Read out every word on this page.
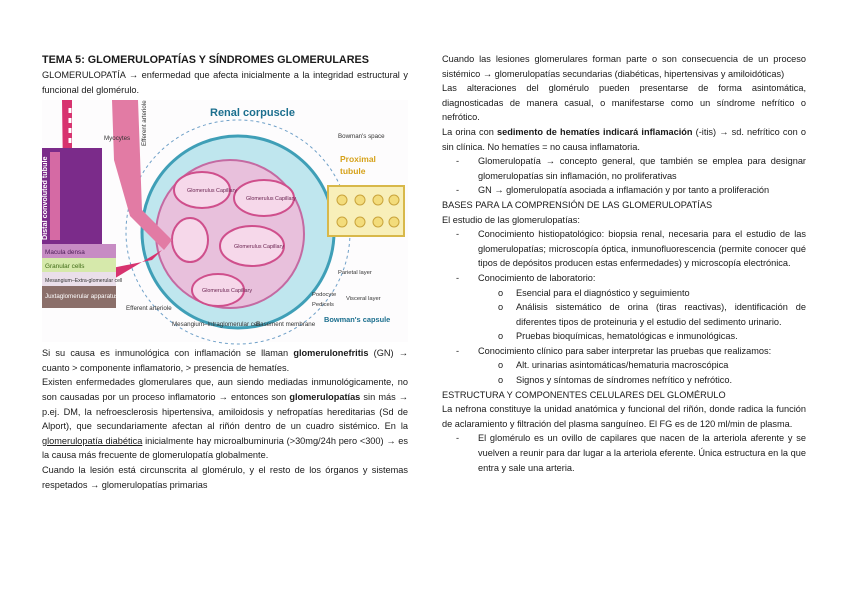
TEMA 5: GLOMERULOPATÍAS Y SÍNDROMES GLOMERULARES

GLOMERULOPATÍA → enfermedad que afecta inicialmente a la integridad estructural y funcional del glomérulo.

Renal corpuscle
Myocytes Efferent arteriole	Bowman's space
Proximal
tubule
Distal convoluted tubule
Macula densa
Granular cells
Mesangium–Extra-glomerular cell
Juxtaglomerular apparatus
Glomerulus Capillary
Glomerulus Capillary
Glomerulus Capillary
Glomerulus Capillary
Efferent arteriole
Mesangium–Intraglomerular cell
Basement membrane
Parietal layer
Podocyte
Pedicels
Visceral layer
Bowman's capsule

Si su causa es inmunológica con inflamación se llaman glomerulonefritis (GN) → cuanto > componente inflamatorio, > presencia de hematíes.

Existen enfermedades glomerulares que, aun siendo mediadas inmunológicamente, no son causadas por un proceso inflamatorio → entonces son glomerulopatías sin más → p.ej. DM, la nefroesclerosis hipertensiva, amiloidosis y nefropatías hereditarias (Sd de Alport), que secundariamente afectan al riñón dentro de un cuadro sistémico. En la glomerulopatía diabética inicialmente hay microalbuminuria (>30mg/24h pero <300) → es la causa más frecuente de glomerulopatía globalmente.

Cuando la lesión está circunscrita al glomérulo, y el resto de los órganos y sistemas respetados → glomerulopatías primarias

Cuando las lesiones glomerulares forman parte o son consecuencia de un proceso sistémico → glomerulopatías secundarias (diabéticas, hipertensivas y amiloidóticas)

Las alteraciones del glomérulo pueden presentarse de forma asintomática, diagnosticadas de manera casual, o manifestarse como un síndrome nefrítico o nefrótico.

La orina con sedimento de hematíes indicará inflamación (-itis) → sd. nefrítico con o sin clínica. No hematíes = no causa inflamatoria.

- Glomerulopatía → concepto general, que también se emplea para designar glomerulopatías sin inflamación, no proliferativas
- GN → glomerulopatía asociada a inflamación y por tanto a proliferación

BASES PARA LA COMPRENSIÓN DE LAS GLOMERULOPATÍAS

El estudio de las glomerulopatías:

- Conocimiento histiopatológico: biopsia renal, necesaria para el estudio de las glomerulopatías; microscopía óptica, inmunofluorescencia (permite conocer qué tipos de depósitos producen estas enfermedades) y microscopía electrónica.
- Conocimiento de laboratorio:
o Esencial para el diagnóstico y seguimiento
o Análisis sistemático de orina (tiras reactivas), identificación de diferentes tipos de proteinuria y el estudio del sedimento urinario.
o Pruebas bioquímicas, hematológicas e inmunológicas.
- Conocimiento clínico para saber interpretar las pruebas que realizamos:
o Alt. urinarias asintomáticas/hematuria macroscópica
o Signos y síntomas de síndromes nefrítico y nefrótico.

ESTRUCTURA Y COMPONENTES CELULARES DEL GLOMÉRULO

La nefrona constituye la unidad anatómica y funcional del riñón, donde radica la función de aclaramiento y filtración del plasma sanguíneo. El FG es de 120 ml/min de plasma.

- El glomérulo es un ovillo de capilares que nacen de la arteriola aferente y se vuelven a reunir para dar lugar a la arteriola eferente. Única estructura en la que entra y sale una arteria.
